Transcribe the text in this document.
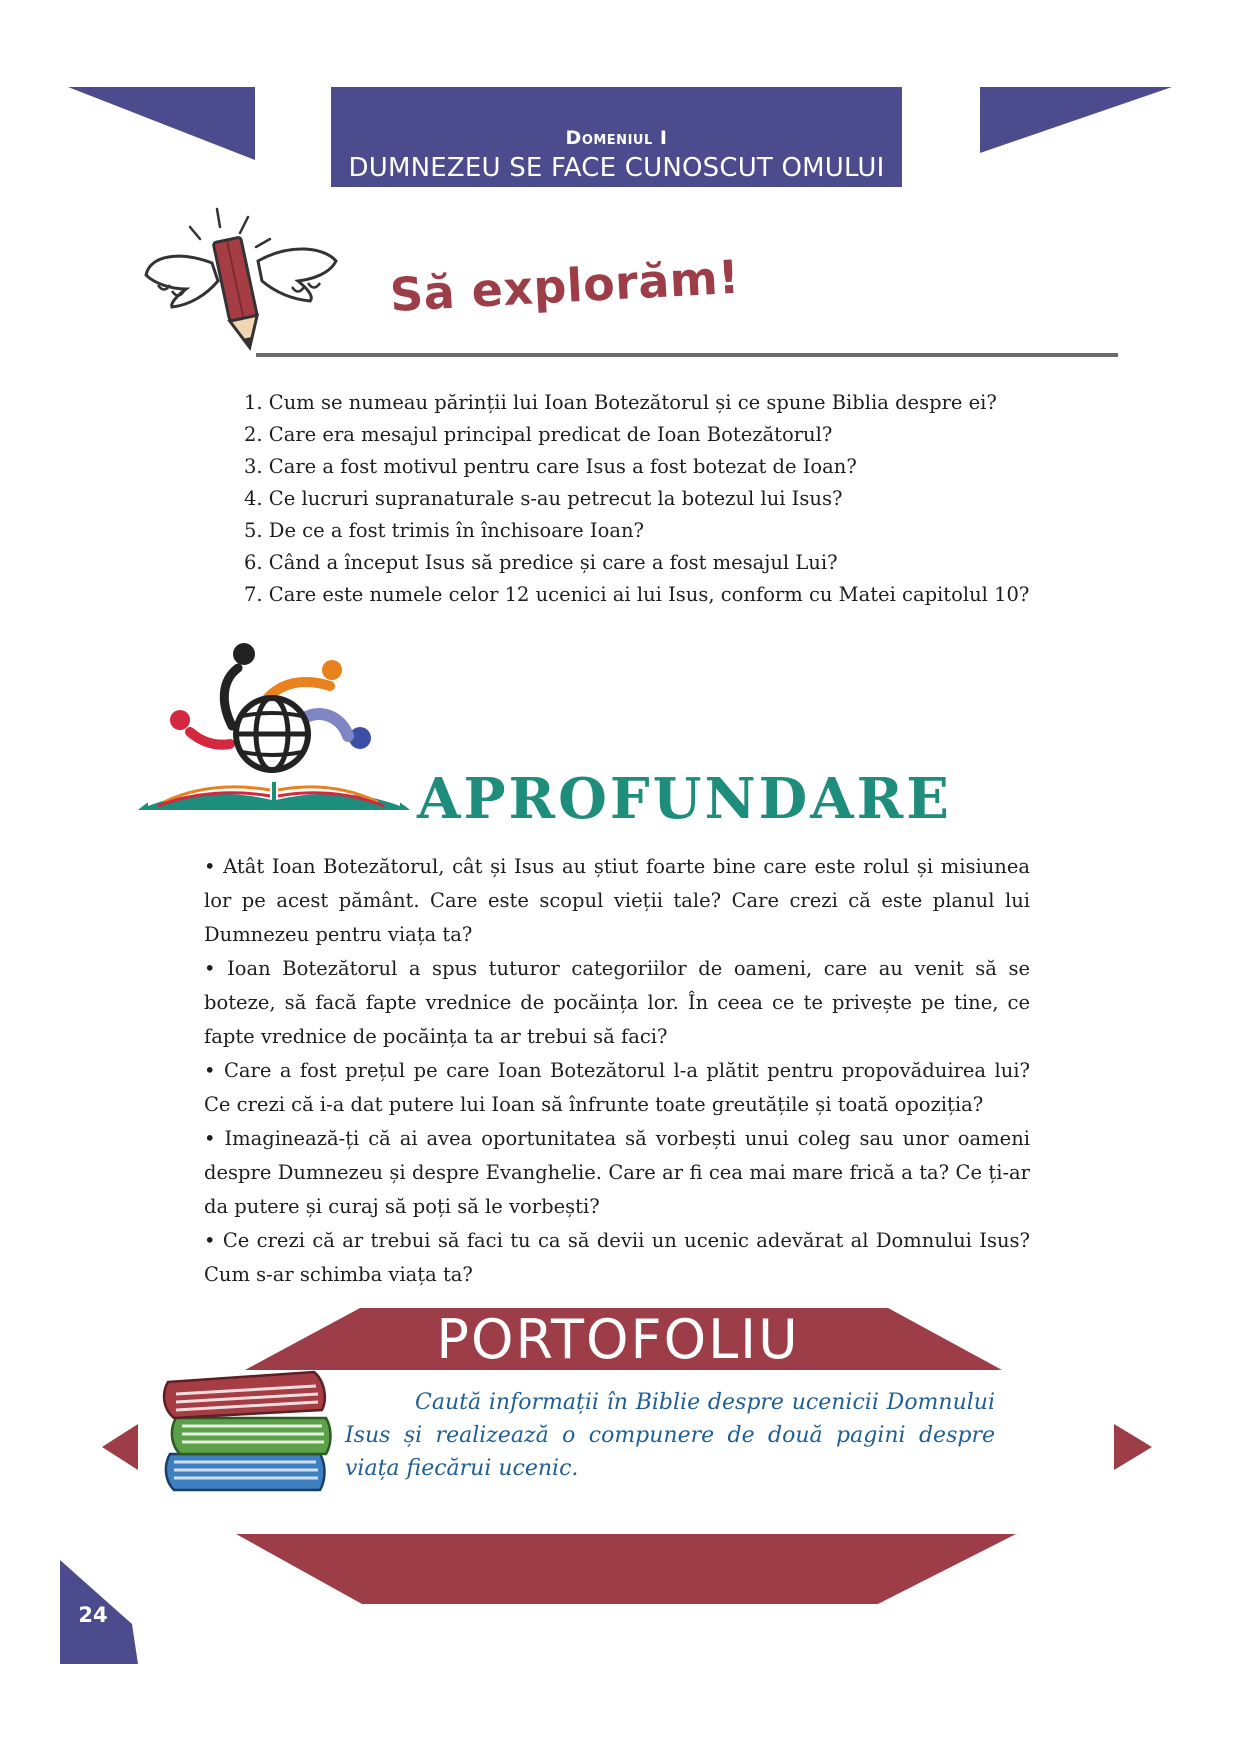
Domeniul I
DUMNEZEU SE FACE CUNOSCUT OMULUI
Să explorăm!
1. Cum se numeau părinții lui Ioan Botezătorul și ce spune Biblia despre ei?
2. Care era mesajul principal predicat de Ioan Botezătorul?
3. Care a fost motivul pentru care Isus a fost botezat de Ioan?
4. Ce lucruri supranaturale s-au petrecut la botezul lui Isus?
5. De ce a fost trimis în închisoare Ioan?
6. Când a început Isus să predice și care a fost mesajul Lui?
7. Care este numele celor 12 ucenici ai lui Isus, conform cu Matei capitolul 10?
APROFUNDARE

• Atât Ioan Botezătorul, cât și Isus au știut foarte bine care este rolul și misiunea lor pe acest pământ. Care este scopul vieții tale? Care crezi că este planul lui Dumnezeu pentru viața ta?

• Ioan Botezătorul a spus tuturor categoriilor de oameni, care au venit să se boteze, să facă fapte vrednice de pocăința lor. În ceea ce te privește pe tine, ce fapte vrednice de pocăința ta ar trebui să faci?

• Care a fost prețul pe care Ioan Botezătorul l-a plătit pentru propovăduirea lui? Ce crezi că i-a dat putere lui Ioan să înfrunte toate greutățile și toată opoziția?

• Imaginează-ți că ai avea oportunitatea să vorbești unui coleg sau unor oameni despre Dumnezeu și despre Evanghelie. Care ar fi cea mai mare frică a ta? Ce ți-ar da putere și curaj să poți să le vorbești?

• Ce crezi că ar trebui să faci tu ca să devii un ucenic adevărat al Domnului Isus? Cum s-ar schimba viața ta?

PORTOFOLIU
Caută informații în Biblie despre ucenicii Domnului Isus și realizează o compunere de două pagini despre viața fiecărui ucenic.
24
